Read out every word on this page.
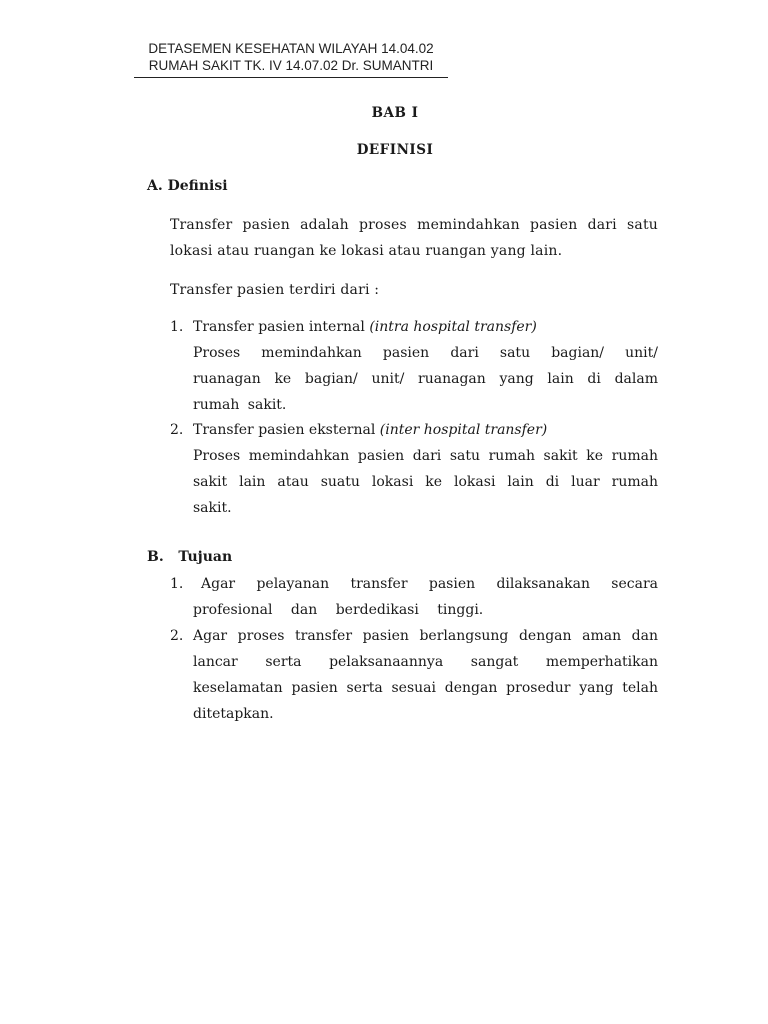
DETASEMEN KESEHATAN WILAYAH 14.04.02
RUMAH SAKIT TK. IV 14.07.02 Dr. SUMANTRI
BAB I
DEFINISI
A. Definisi
Transfer pasien adalah proses memindahkan pasien dari satu lokasi atau ruangan ke lokasi atau ruangan yang lain.
Transfer pasien terdiri dari :
1. Transfer pasien internal (intra hospital transfer)
Proses memindahkan pasien dari satu bagian/ unit/ ruanagan ke bagian/ unit/ ruanagan yang lain di dalam rumah sakit.
2. Transfer pasien eksternal (inter hospital transfer)
Proses memindahkan pasien dari satu rumah sakit ke rumah sakit lain atau suatu lokasi ke lokasi lain di luar rumah sakit.
B.   Tujuan
1.	Agar pelayanan transfer pasien dilaksanakan secara profesional dan berdedikasi tinggi.
2. Agar proses transfer pasien berlangsung dengan aman dan lancar serta pelaksanaannya sangat memperhatikan keselamatan pasien serta sesuai dengan prosedur yang telah ditetapkan.
